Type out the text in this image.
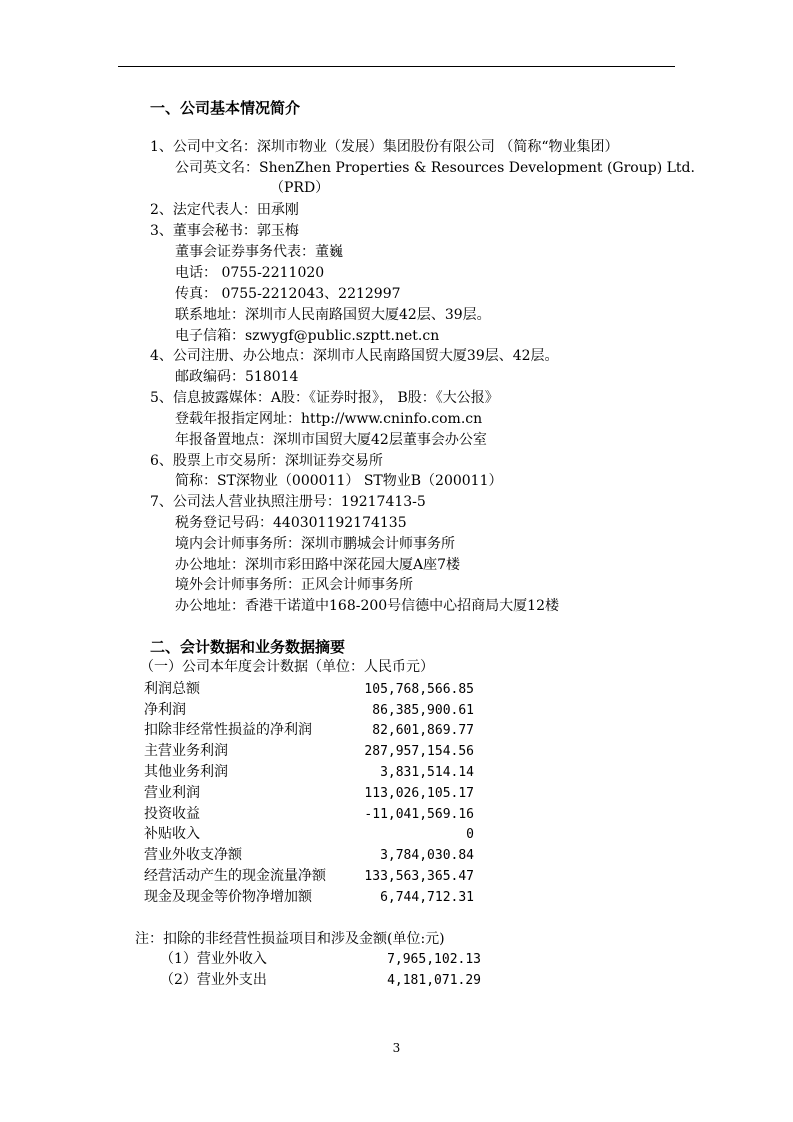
一、公司基本情况简介
1、公司中文名：深圳市物业（发展）集团股份有限公司 （简称“物业集团）
公司英文名：ShenZhen Properties & Resources Development (Group) Ltd.
（PRD）
2、法定代表人：田承刚
3、董事会秘书：郭玉梅
董事会证券事务代表：董巍
电话： 0755-2211020
传真： 0755-2212043、2212997
联系地址：深圳市人民南路国贸大厦42层、39层。
电子信箱：szwygf@public.szptt.net.cn
4、公司注册、办公地点：深圳市人民南路国贸大厦39层、42层。
邮政编码：518014
5、信息披露媒体：A股：《证券时报》， B股：《大公报》
登载年报指定网址：http://www.cninfo.com.cn
年报备置地点：深圳市国贸大厦42层董事会办公室
6、股票上市交易所：深圳证券交易所
简称：ST深物业（000011） ST物业B（200011）
7、公司法人营业执照注册号：19217413-5
税务登记号码：440301192174135
境内会计师事务所：深圳市鹏城会计师事务所
办公地址：深圳市彩田路中深花园大厦A座7楼
境外会计师事务所：正风会计师事务所
办公地址：香港干诺道中168-200号信德中心招商局大厦12楼
二、会计数据和业务数据摘要
（一）公司本年度会计数据（单位：人民币元）
利润总额	105,768,566.85
净利润	86,385,900.61
扣除非经常性损益的净利润	82,601,869.77
主营业务利润	287,957,154.56
其他业务利润	3,831,514.14
营业利润	113,026,105.17
投资收益	-11,041,569.16
补贴收入	0
营业外收支净额	3,784,030.84
经营活动产生的现金流量净额	133,563,365.47
现金及现金等价物净增加额	6,744,712.31
注：扣除的非经营性损益项目和涉及金额(单位:元)
（1）营业外收入	7,965,102.13
（2）营业外支出	4,181,071.29
3
